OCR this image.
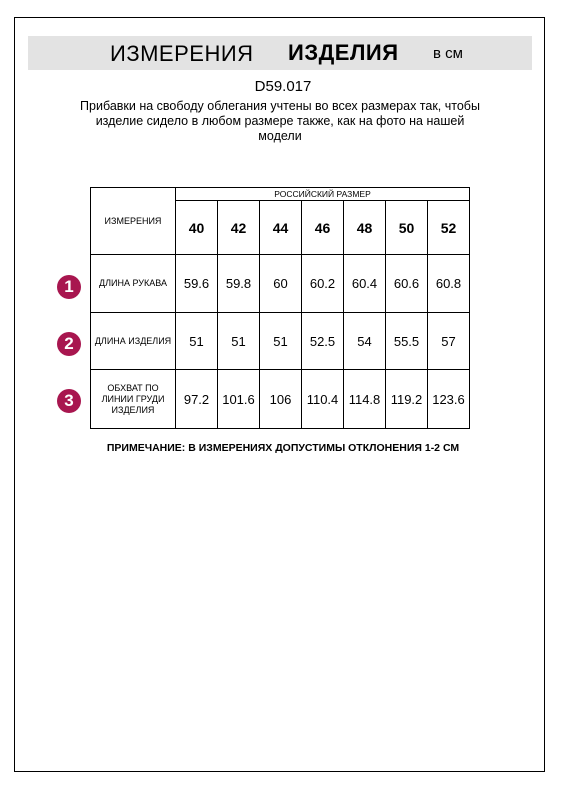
ИЗМЕРЕНИЯ ИЗДЕЛИЯ в см
D59.017
Прибавки на свободу облегания учтены во всех размерах так, чтобы изделие сидело в любом размере также, как на фото на нашей модели
ИЗМЕРЕНИЯ	РОССИЙСКИЙ РАЗМЕР						
	40	42	44	46	48	50	52
ДЛИНА РУКАВА	59.6	59.8	60	60.2	60.4	60.6	60.8
ДЛИНА ИЗДЕЛИЯ	51	51	51	52.5	54	55.5	57
ОБХВАТ ПО ЛИНИИ ГРУДИ ИЗДЕЛИЯ	97.2	101.6	106	110.4	114.8	119.2	123.6
1
2
3
ПРИМЕЧАНИЕ: В ИЗМЕРЕНИЯХ ДОПУСТИМЫ ОТКЛОНЕНИЯ 1-2 СМ
